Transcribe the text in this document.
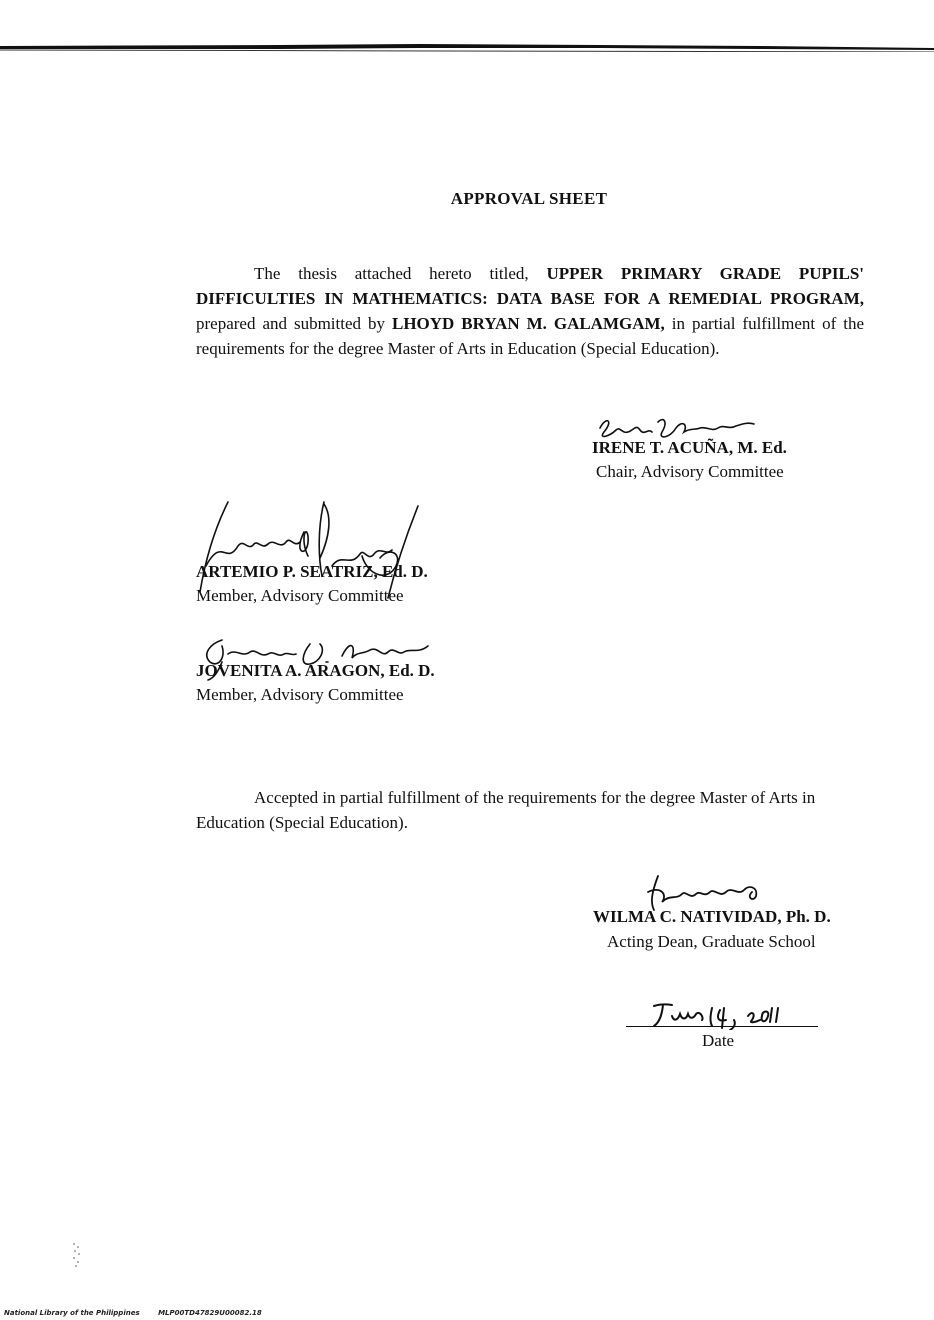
APPROVAL SHEET
The thesis attached hereto titled, UPPER PRIMARY GRADE PUPILS' DIFFICULTIES IN MATHEMATICS: DATA BASE FOR A REMEDIAL PROGRAM, prepared and submitted by LHOYD BRYAN M. GALAMGAM, in partial fulfillment of the requirements for the degree Master of Arts in Education (Special Education).
IRENE T. ACUÑA, M. Ed.
Chair, Advisory Committee
ARTEMIO P. SEATRIZ, Ed. D.
Member, Advisory Committee
JOVENITA A. ARAGON, Ed. D.
Member, Advisory Committee
Accepted in partial fulfillment of the requirements for the degree Master of Arts in Education (Special Education).
WILMA C. NATIVIDAD, Ph. D.
Acting Dean, Graduate School
Date
National Library of the Philippines	MLP00TD47829U00082.18
